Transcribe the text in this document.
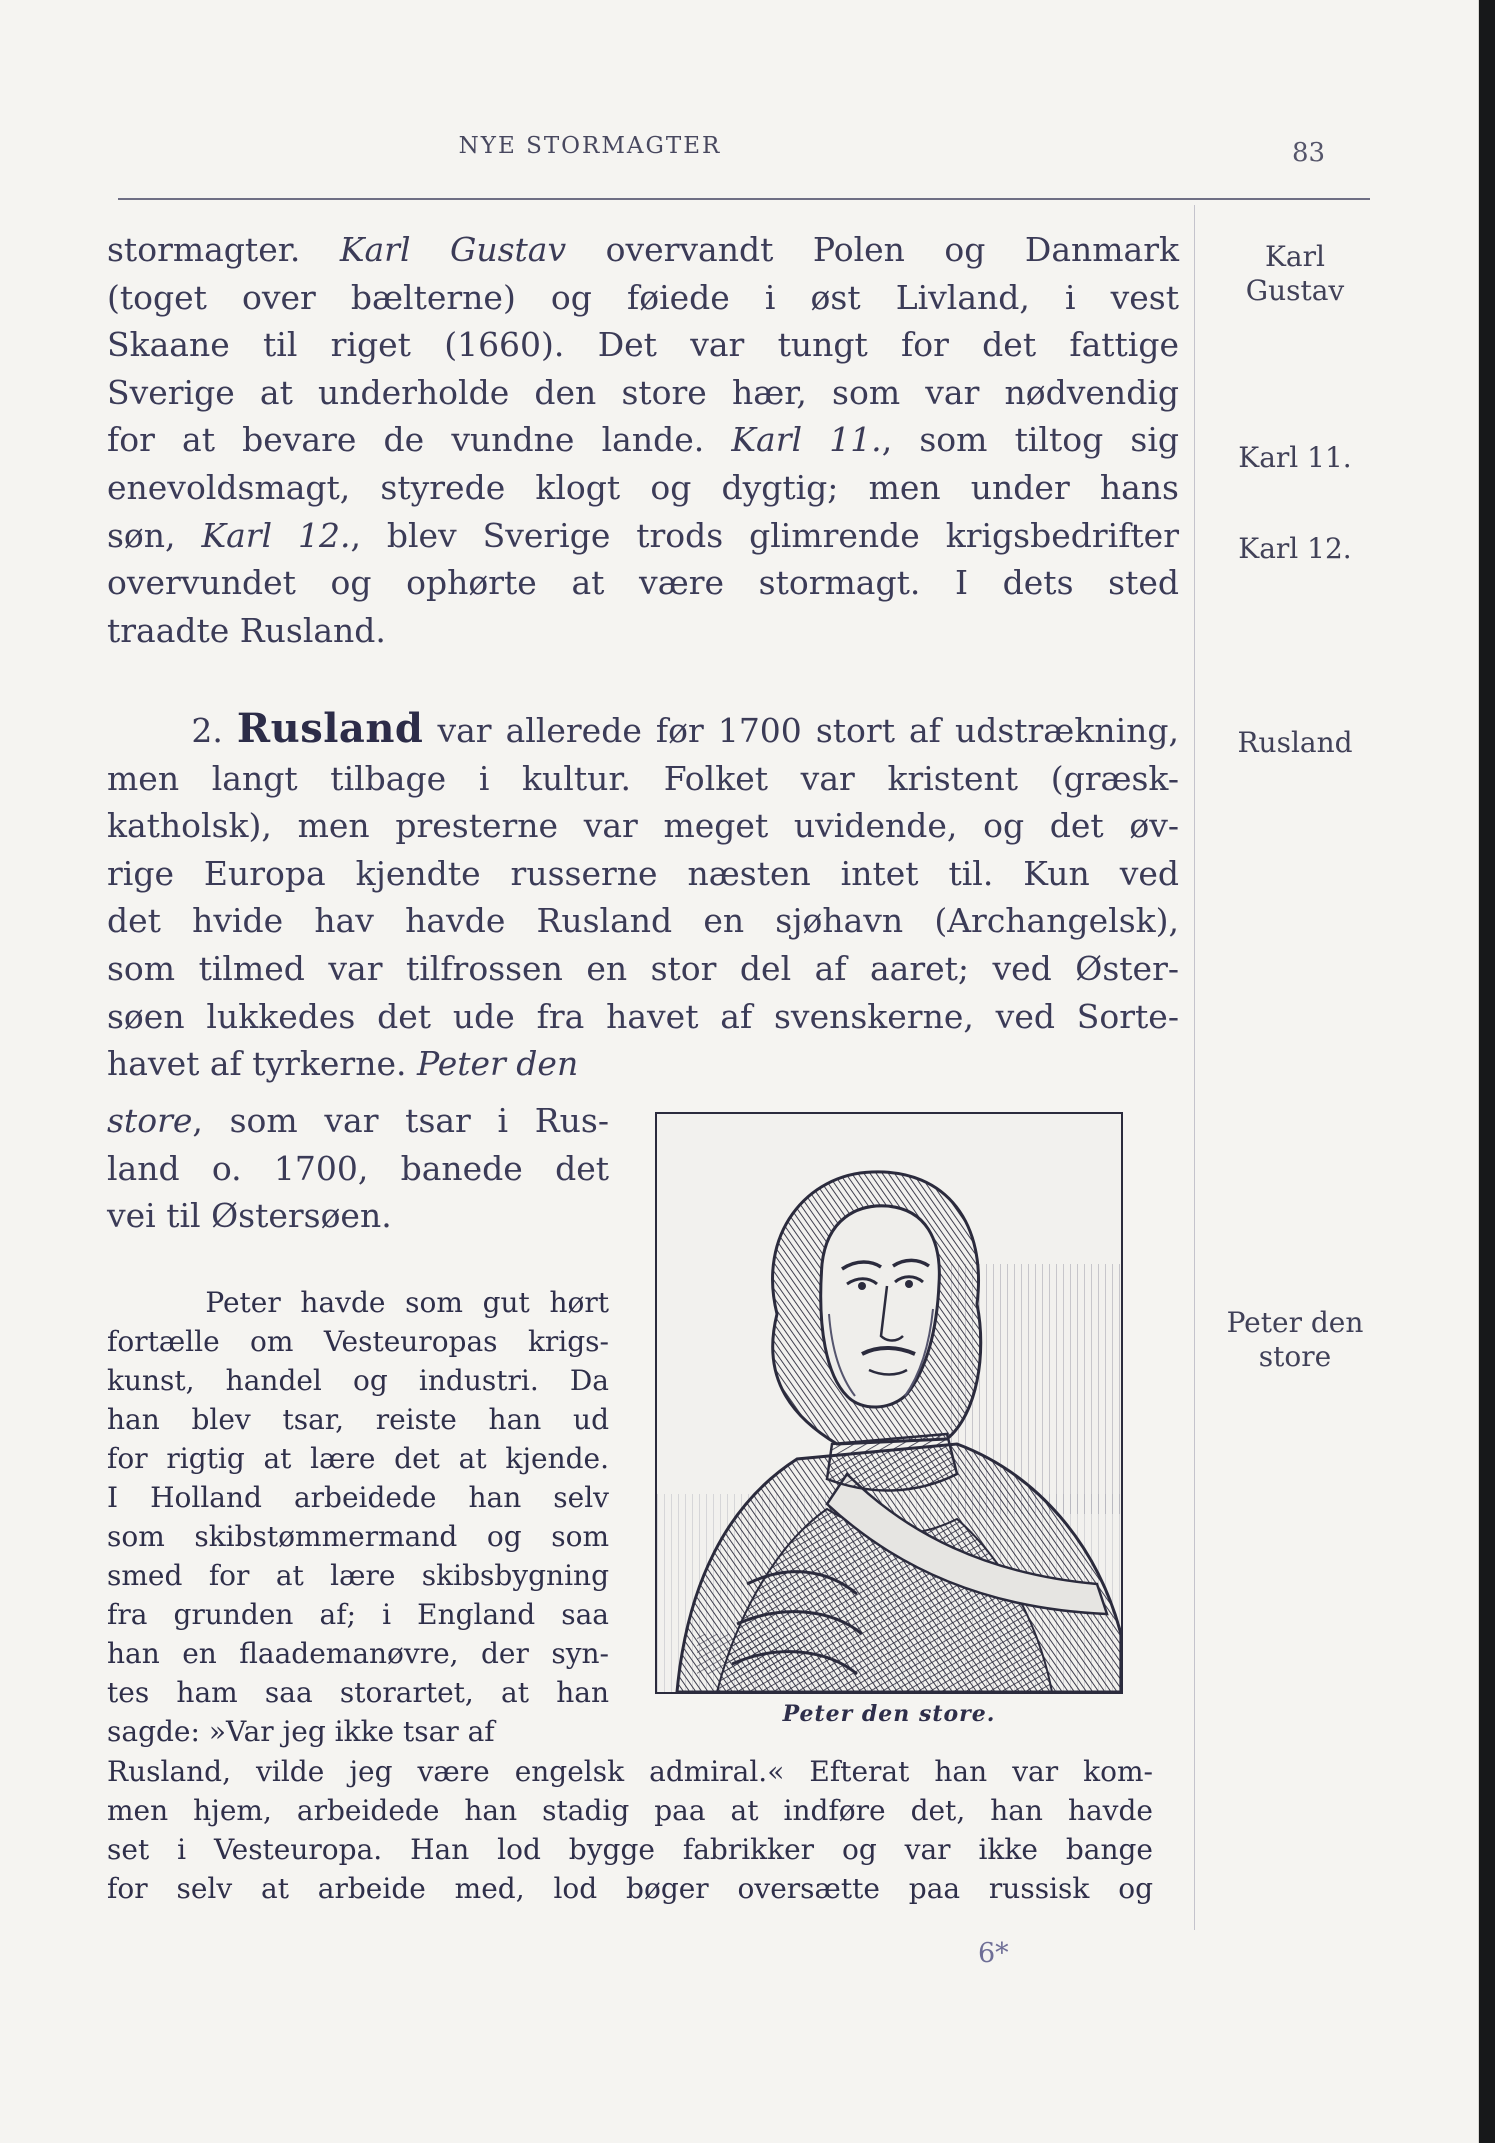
NYE STORMAGTER	83
stormagter. Karl Gustav overvandt Polen og Danmark
(toget over bælterne) og føiede i øst Livland, i vest
Skaane til riget (1660). Det var tungt for det fattige
Sverige at underholde den store hær, som var nødvendig
for at bevare de vundne lande. Karl 11., som tiltog sig
enevoldsmagt, styrede klogt og dygtig; men under hans
søn, Karl 12., blev Sverige trods glimrende krigsbedrifter
overvundet og ophørte at være stormagt. I dets sted
traadte Rusland.
2. Rusland var allerede før 1700 stort af udstrækning,
men langt tilbage i kultur. Folket var kristent (græsk-
katholsk), men presterne var meget uvidende, og det øv-
rige Europa kjendte russerne næsten intet til. Kun ved
det hvide hav havde Rusland en sjøhavn (Archangelsk),
som tilmed var tilfrossen en stor del af aaret; ved Øster-
søen lukkedes det ude fra havet af svenskerne, ved Sorte-
havet af tyrkerne. Peter den
store, som var tsar i Rus-
land o. 1700, banede det
vei til Østersøen.
Peter havde som gut hørt
fortælle om Vesteuropas krigs-
kunst, handel og industri. Da
han blev tsar, reiste han ud
for rigtig at lære det at kjende.
I Holland arbeidede han selv
som skibstømmermand og som
smed for at lære skibsbygning
fra grunden af; i England saa
han en flaademanøvre, der syn-
tes ham saa storartet, at han
sagde: »Var jeg ikke tsar af
Rusland, vilde jeg være engelsk admiral.« Efterat han var kom-
men hjem, arbeidede han stadig paa at indføre det, han havde
set i Vesteuropa. Han lod bygge fabrikker og var ikke bange
for selv at arbeide med, lod bøger oversætte paa russisk og
Karl
Gustav
Karl 11.
Karl 12.
Rusland
Peter den
store
Peter den store.
6*
